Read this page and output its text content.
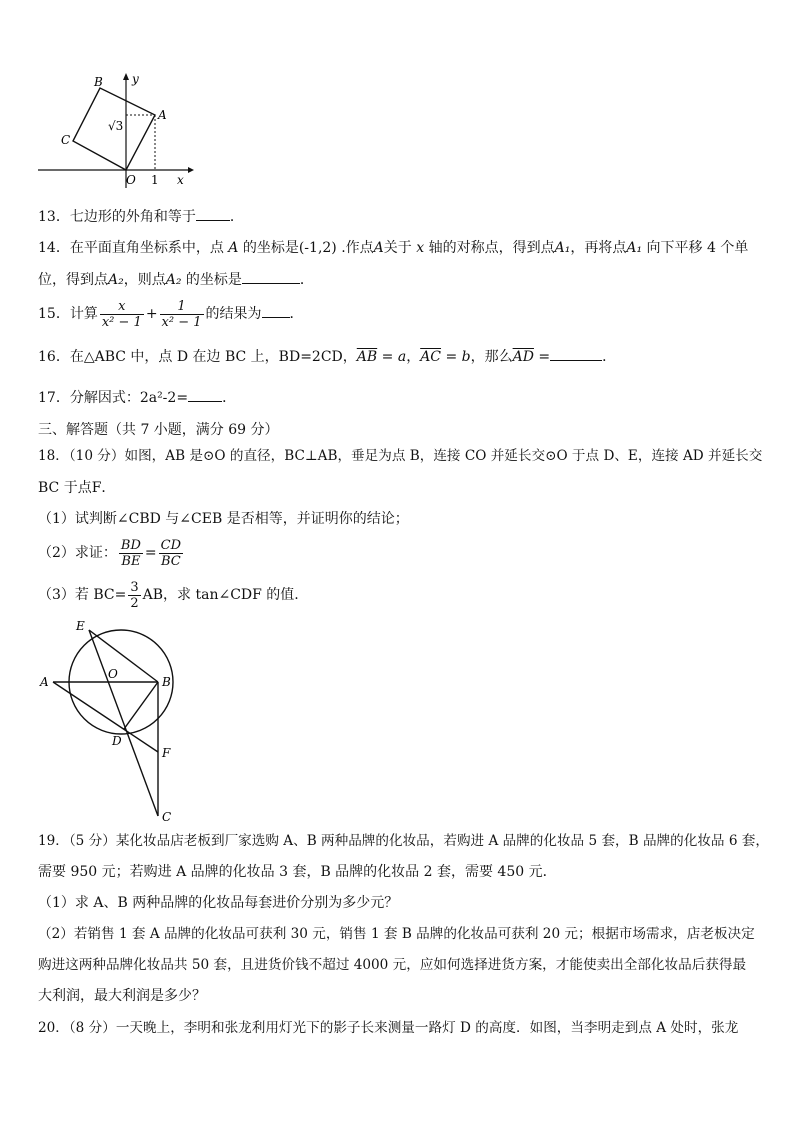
B y
A
C
√3
O 1 x
13．七边形的外角和等于 ．
14．在平面直角坐标系中，点 A 的坐标是(-1,2) .作点A关于 x 轴的对称点，得到点A₁，再将点A₁ 向下平移 4 个单
位，得到点A₂，则点A₂ 的坐标是	．
15．计算 $\frac{x}{\text{x² − 1}} + \frac{1}{\text{x² − 1}}$ 的结果为 ．
16．在△ABC 中，点 D 在边 BC 上，BD=2CD，$\overline{AB} = a$，$\overline{AC} = b$，那么$\overline{AD}$ =	．
17．分解因式：2a²-2= ．
三、解答题（共 7 小题，满分 69 分）
18．（10 分）如图，AB 是⊙O 的直径，BC⊥AB，垂足为点 B，连接 CO 并延长交⊙O 于点 D、E，连接 AD 并延长交
BC 于点F．
（1）试判断∠CBD 与∠CEB 是否相等，并证明你的结论；
（2）求证： $\frac{BD}{BE} = \frac{CD}{BC}$
（3）若 $BC= \frac{3}{2}$ AB，求 tan∠CDF 的值.
E
A
O
B
D
F
C
19．（5 分）某化妆品店老板到厂家选购 A、B 两种品牌的化妆品，若购进 A 品牌的化妆品 5 套，B 品牌的化妆品 6 套，
需要 950 元；若购进 A 品牌的化妆品 3 套，B 品牌的化妆品 2 套，需要 450 元．
（1）求 A、B 两种品牌的化妆品每套进价分别为多少元？
（2）若销售 1 套 A 品牌的化妆品可获利 30 元，销售 1 套 B 品牌的化妆品可获利 20 元；根据市场需求，店老板决定
购进这两种品牌化妆品共 50 套，且进货价钱不超过 4000 元，应如何选择进货方案，才能使卖出全部化妆品后获得最
大利润，最大利润是多少？
20．（8 分）一天晚上，李明和张龙利用灯光下的影子长来测量一路灯 D 的高度．如图，当李明走到点 A 处时，张龙
